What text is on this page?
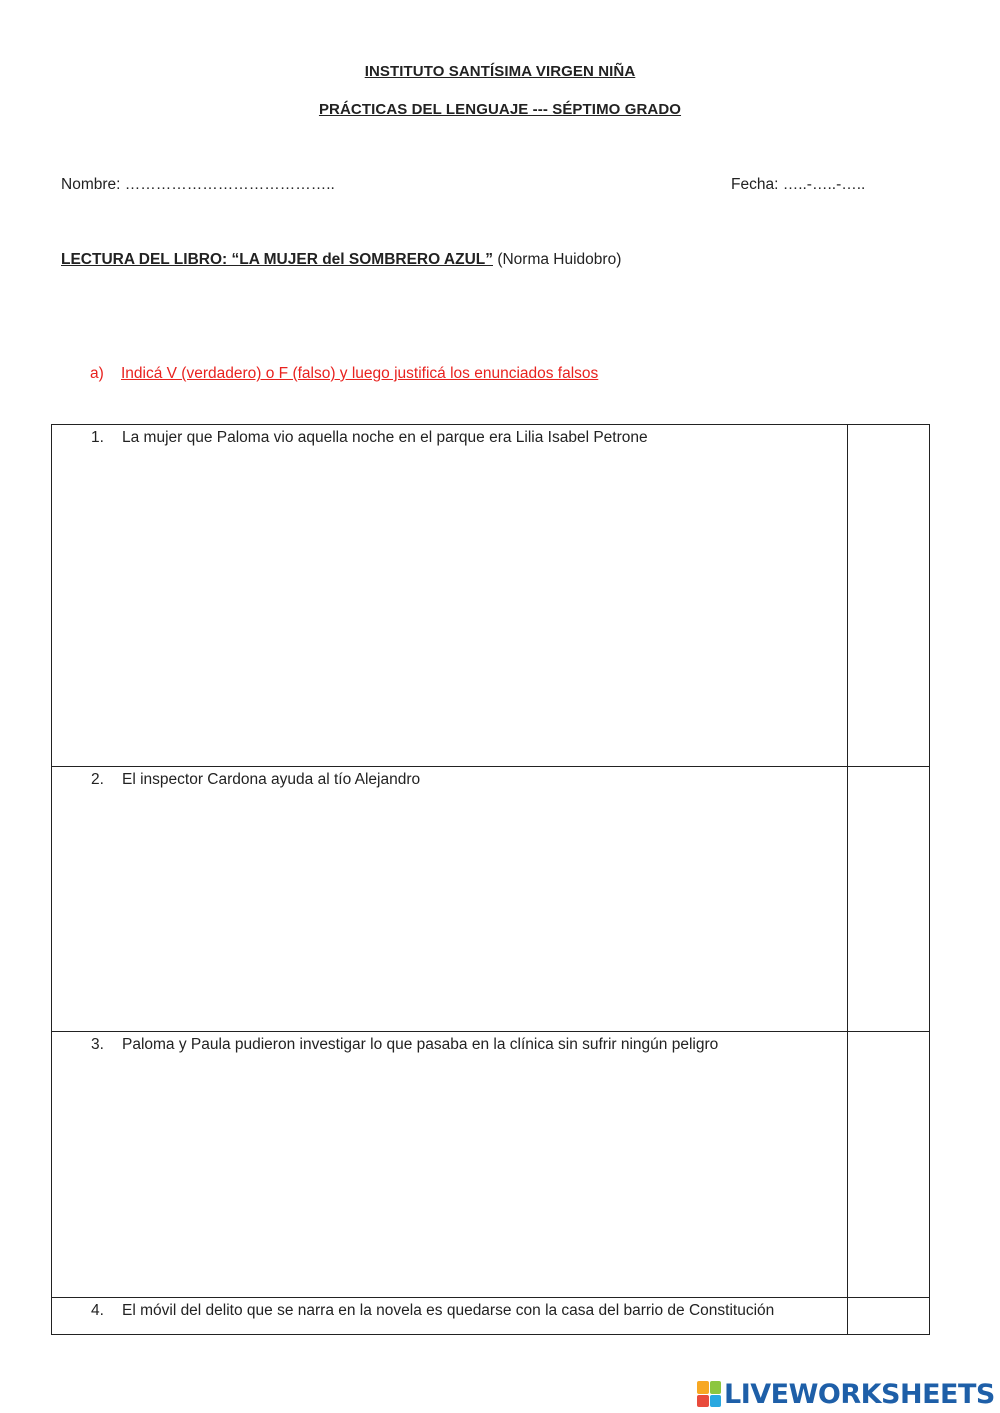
INSTITUTO SANTÍSIMA VIRGEN NIÑA
PRÁCTICAS DEL LENGUAJE --- SÉPTIMO GRADO
Nombre: …………………………………..	Fecha: …..-…..-…..
LECTURA DEL LIBRO: “LA MUJER del SOMBRERO AZUL” (Norma Huidobro)
a) Indicá V (verdadero) o F (falso) y luego justificá los enunciados falsos
1. La mujer que Paloma vio aquella noche en el parque era Lilia Isabel Petrone	

2. El inspector Cardona ayuda al tío Alejandro	

3. Paloma y Paula pudieron investigar lo que pasaba en la clínica sin sufrir ningún peligro	

4. El móvil del delito que se narra en la novela es quedarse con la casa del barrio de Constitución	

LIVEWORKSHEETS
